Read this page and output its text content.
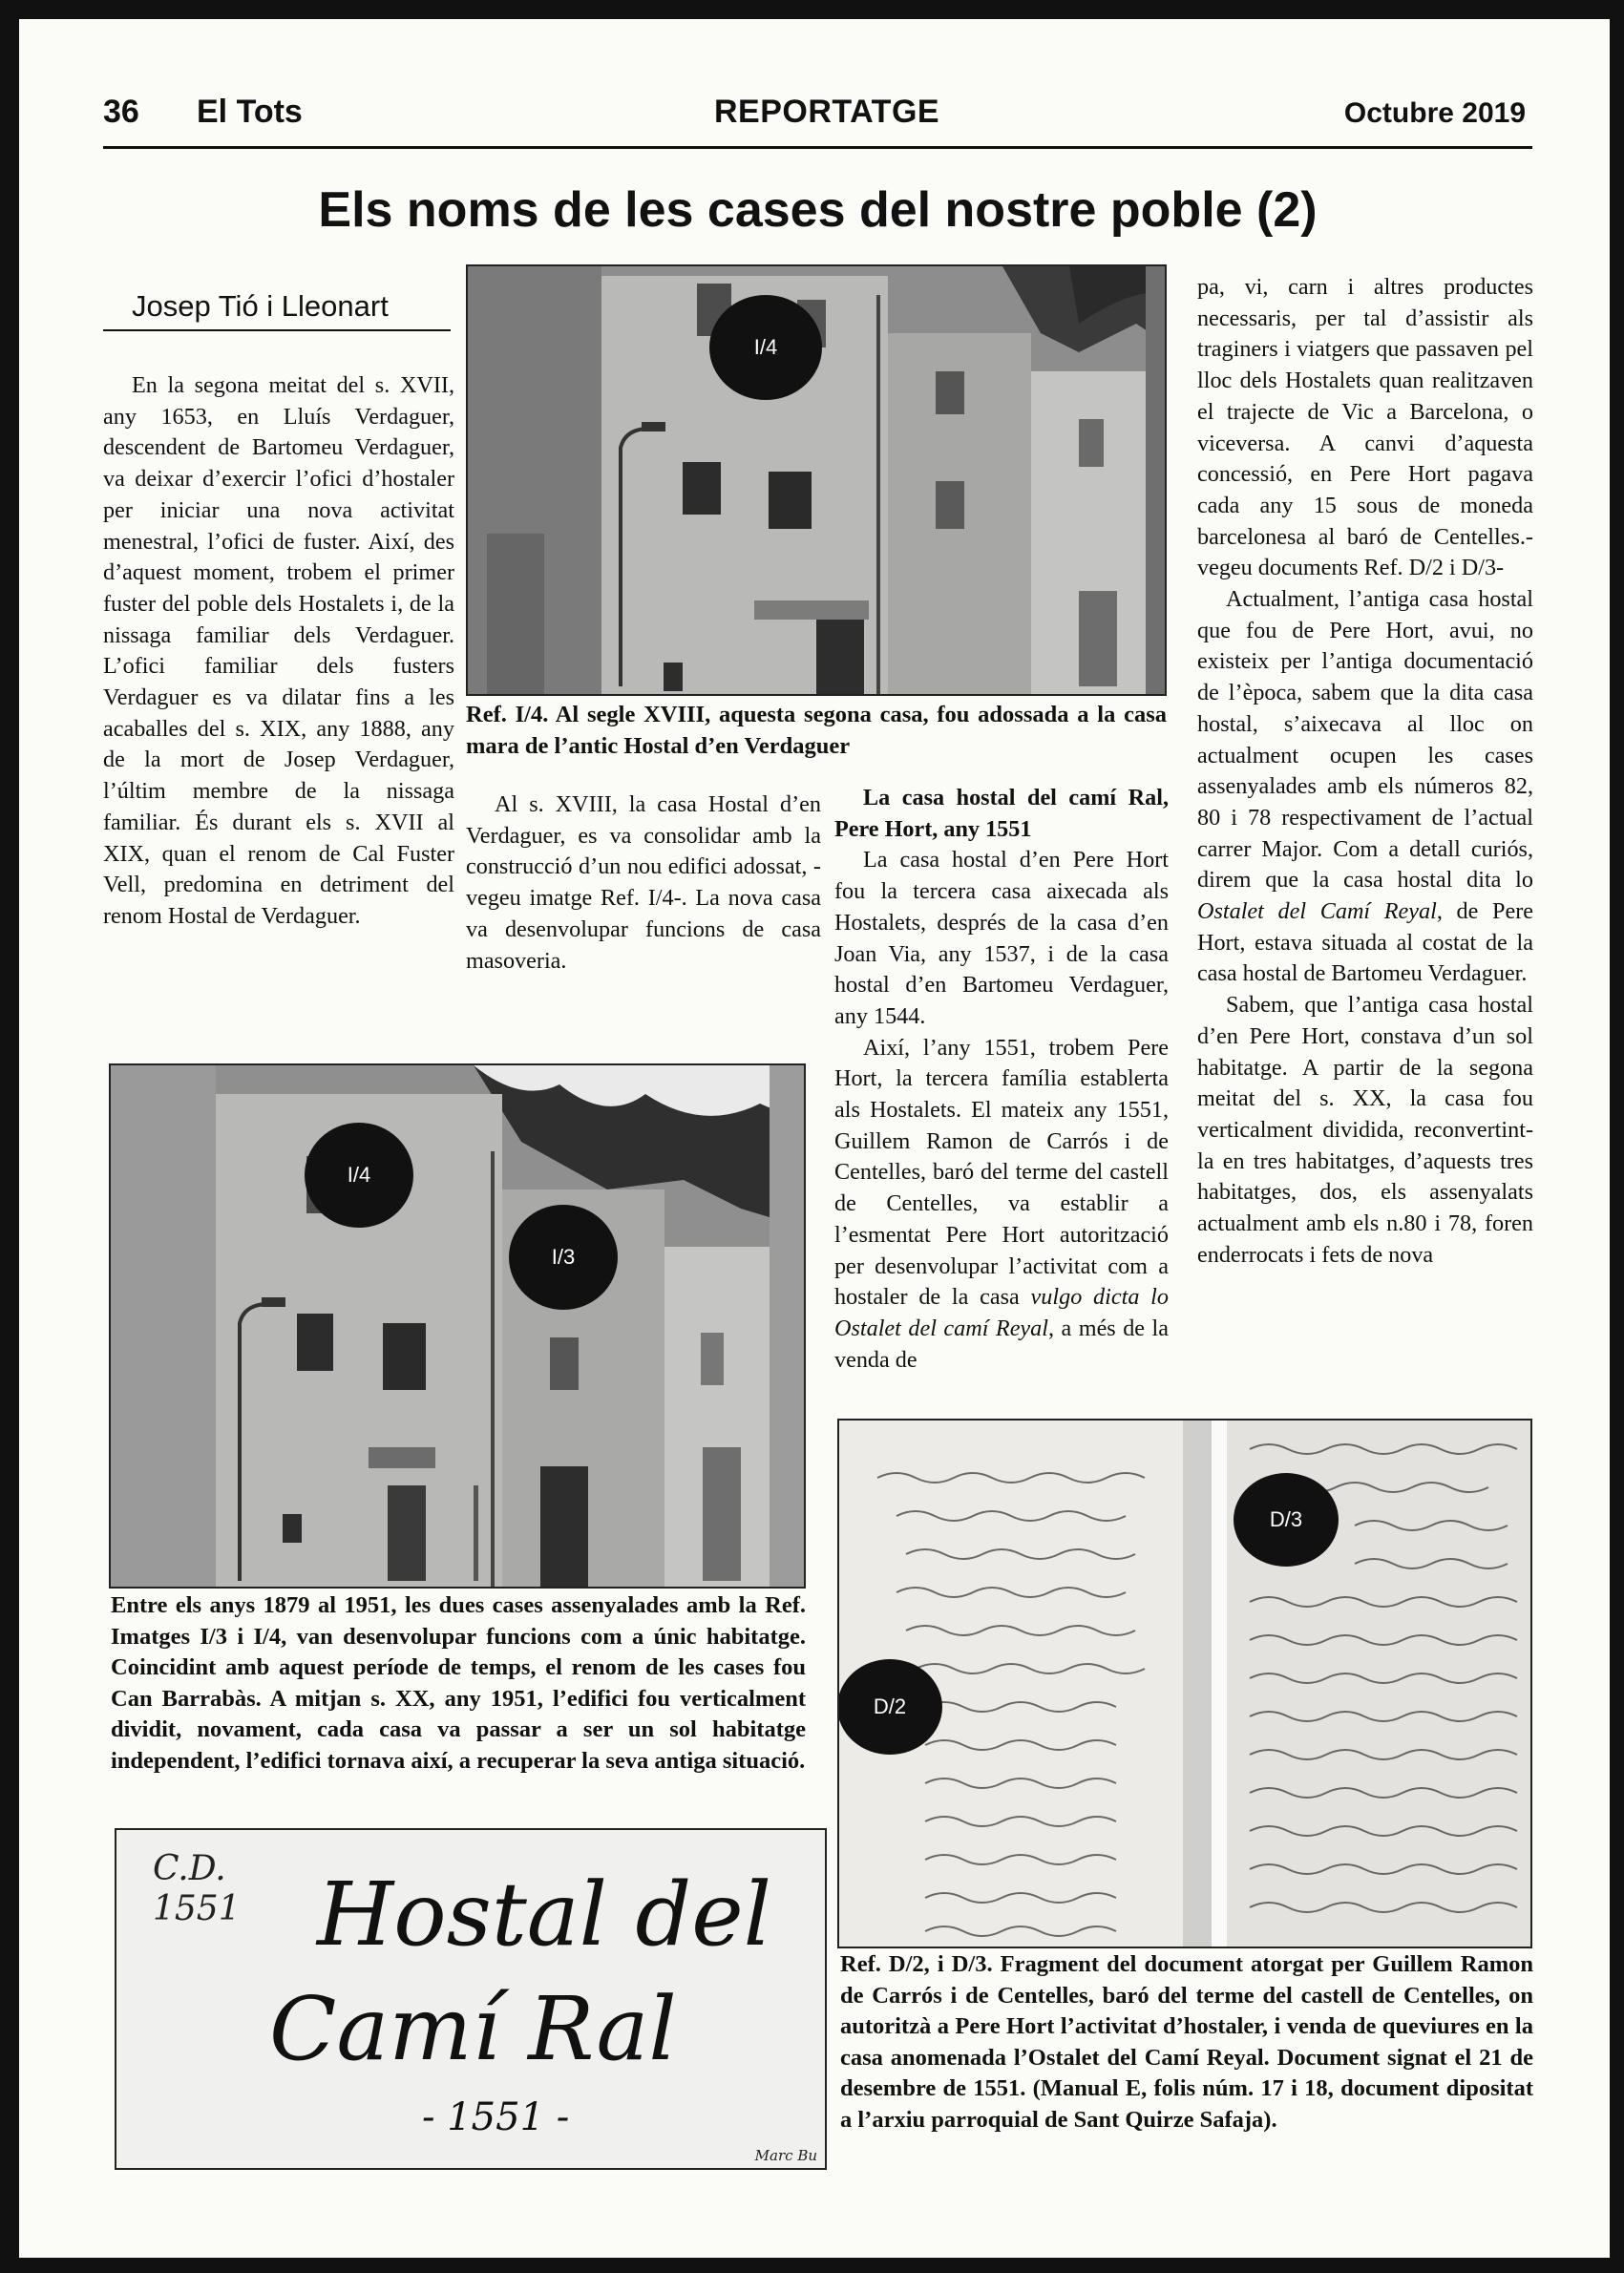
36 El Tots	REPORTATGE	Octubre 2019
Els noms de les cases del nostre poble (2)
Josep Tió i Lleonart

En la segona meitat del s. XVII, any 1653, en Lluís Verdaguer, descendent de Bartomeu Verdaguer, va deixar d’exercir l’ofici d’hostaler per iniciar una nova activitat menestral, l’ofici de fuster. Així, des d’aquest moment, trobem el primer fuster del poble dels Hostalets i, de la nissaga familiar dels Verdaguer. L’ofici familiar dels fusters Verdaguer es va dilatar fins a les acaballes del s. XIX, any 1888, any de la mort de Josep Verdaguer, l’últim membre de la nissaga familiar. És durant els s. XVII al XIX, quan el renom de Cal Fuster Vell, predomina en detriment del renom Hostal de Verdaguer.

I/4
Ref. I/4. Al segle XVIII, aquesta segona casa, fou adossada a la casa mara de l’antic Hostal d’en Verdaguer

Al s. XVIII, la casa Hostal d’en Verdaguer, es va consolidar amb la construcció d’un nou edifici adossat, -vegeu imatge Ref. I/4-. La nova casa va desenvolupar funcions de casa masoveria.

La casa hostal del camí Ral, Pere Hort, any 1551

La casa hostal d’en Pere Hort fou la tercera casa aixecada als Hostalets, després de la casa d’en Joan Via, any 1537, i de la casa hostal d’en Bartomeu Verdaguer, any 1544.

Així, l’any 1551, trobem Pere Hort, la tercera família establerta als Hostalets. El mateix any 1551, Guillem Ramon de Carrós i de Centelles, baró del terme del castell de Centelles, va establir a l’esmentat Pere Hort autorització per desenvolupar l’activitat com a hostaler de la casa vulgo dicta lo Ostalet del camí Reyal, a més de la venda de

pa, vi, carn i altres productes necessaris, per tal d’assistir als traginers i viatgers que passaven pel lloc dels Hostalets quan realitzaven el trajecte de Vic a Barcelona, o viceversa. A canvi d’aquesta concessió, en Pere Hort pagava cada any 15 sous de moneda barcelonesa al baró de Centelles.-vegeu documents Ref. D/2 i D/3-

Actualment, l’antiga casa hostal que fou de Pere Hort, avui, no existeix per l’antiga documentació de l’època, sabem que la dita casa hostal, s’aixecava al lloc on actualment ocupen les cases assenyalades amb els números 82, 80 i 78 respectivament de l’actual carrer Major. Com a detall curiós, direm que la casa hostal dita lo Ostalet del Camí Reyal, de Pere Hort, estava situada al costat de la casa hostal de Bartomeu Verdaguer.

Sabem, que l’antiga casa hostal d’en Pere Hort, constava d’un sol habitatge. A partir de la segona meitat del s. XX, la casa fou verticalment dividida, reconvertint-la en tres habitatges, d’aquests tres habitatges, dos, els assenyalats actualment amb els n.80 i 78, foren enderrocats i fets de nova

I/4
I/3
Entre els anys 1879 al 1951, les dues cases assenyalades amb la Ref. Imatges I/3 i I/4, van desenvolupar funcions com a únic habitatge. Coincidint amb aquest període de temps, el renom de les cases fou Can Barrabàs. A mitjan s. XX, any 1951, l’edifici fou verticalment dividit, novament, cada casa va passar a ser un sol habitatge independent, l’edifici tornava així, a recuperar la seva antiga situació.
C.D.
1551 Hostal del
Camí Ral
- 1551 -
Marc Bu
D/3
D/2
Ref. D/2, i D/3. Fragment del document atorgat per Guillem Ramon de Carrós i de Centelles, baró del terme del castell de Centelles, on autoritzà a Pere Hort l’activitat d’hostaler, i venda de queviures en la casa anomenada l’Ostalet del Camí Reyal. Document signat el 21 de desembre de 1551. (Manual E, folis núm. 17 i 18, document dipositat a l’arxiu parroquial de Sant Quirze Safaja).
